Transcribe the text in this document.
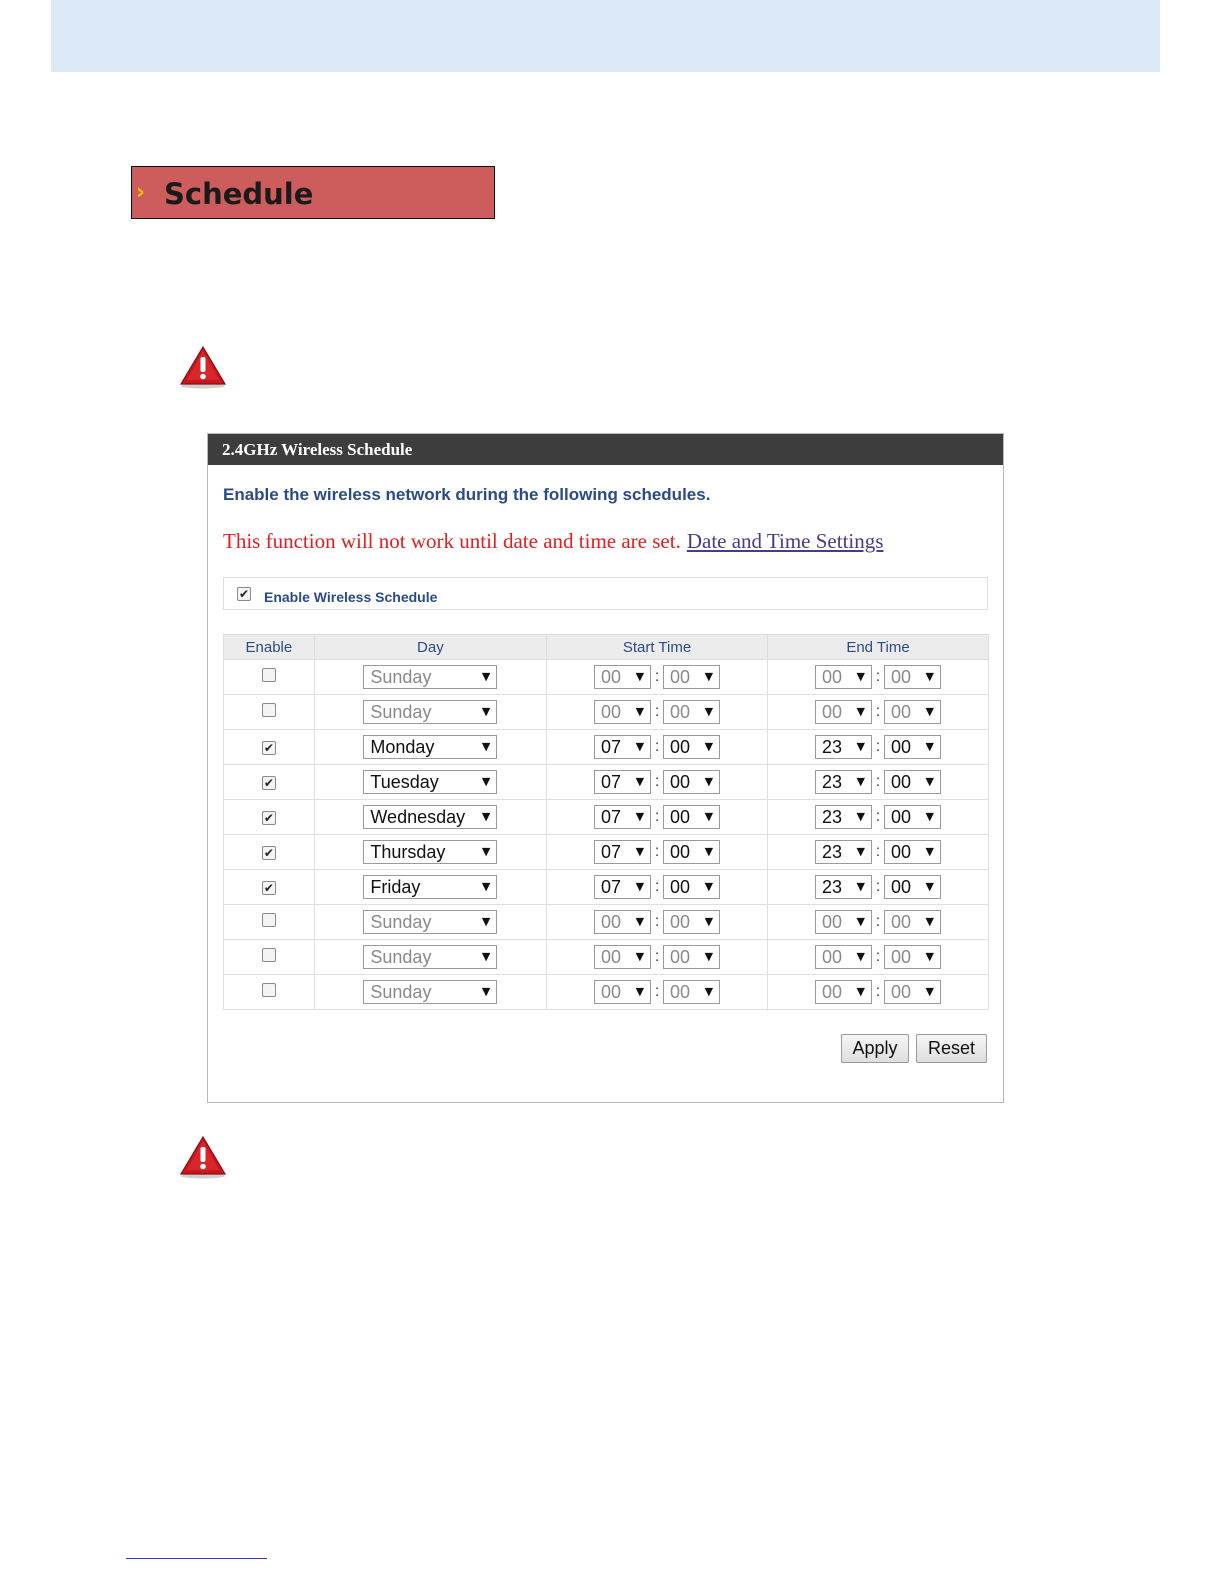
› Schedule
2.4GHz Wireless Schedule
Enable the wireless network during the following schedules.
This function will not work until date and time are set. Date and Time Settings
✔ Enable Wireless Schedule
Enable	Day	Start Time	End Time
	Sunday ▼	00 ▼ : 00 ▼	00 ▼ : 00 ▼

	Sunday ▼	00 ▼ : 00 ▼	00 ▼ : 00 ▼

✔	Monday ▼	07 ▼ : 00 ▼	23 ▼ : 00 ▼

✔	Tuesday ▼	07 ▼ : 00 ▼	23 ▼ : 00 ▼

✔	Wednesday ▼	07 ▼ : 00 ▼	23 ▼ : 00 ▼

✔	Thursday ▼	07 ▼ : 00 ▼	23 ▼ : 00 ▼

✔	Friday ▼	07 ▼ : 00 ▼	23 ▼ : 00 ▼

	Sunday ▼	00 ▼ : 00 ▼	00 ▼ : 00 ▼

	Sunday ▼	00 ▼ : 00 ▼	00 ▼ : 00 ▼

	Sunday ▼	00 ▼ : 00 ▼	00 ▼ : 00 ▼
Apply	Reset
